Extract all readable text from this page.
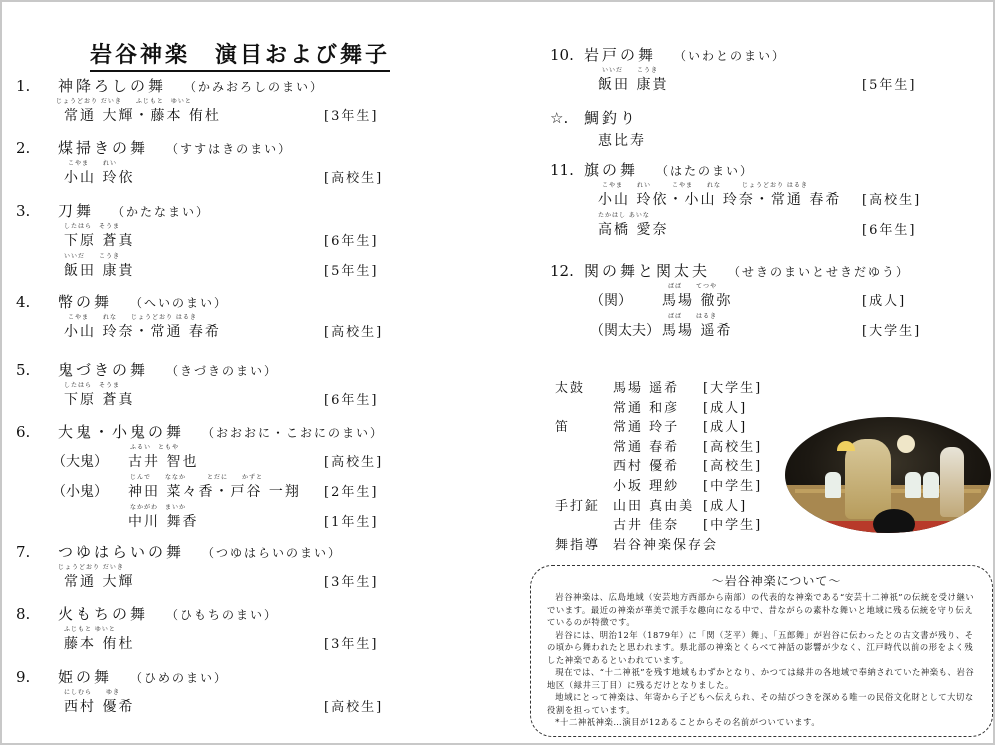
岩谷神楽　演目および舞子
1. 神降ろしの舞 （かみおろしのまい）
じょうどおり だいき　　ふじもと　ゆいと
常通 大輝・藤本 侑杜	[3年生]
2. 煤掃きの舞 （すすはきのまい）
こやま　　れい
小山 玲依	[高校生]
3. 刀舞 （かたなまい）
したはら　そうま
下原 蒼真	[6年生]
いいだ　　こうき
飯田 康貴	[5年生]
4. 幣の舞 （へいのまい）
こやま　　れな　　じょうどおり はるき
小山 玲奈・常通 春希	[高校生]
5. 鬼づきの舞 （きづきのまい）
したはら　そうま
下原 蒼真	[6年生]
6. 大鬼・小鬼の舞 （おおおに・こおにのまい）
（大鬼）
ふるい　ともや
古井 智也	[高校生]
（小鬼）
じんで　　ななか　　　とだに　　かずと
神田 菜々香・戸谷 一翔 [2年生]
なかがわ　まいか
中川 舞香	[1年生]
7. つゆはらいの舞 （つゆはらいのまい）
じょうどおり だいき
常通 大輝	[3年生]
8. 火もちの舞 （ひもちのまい）
ふじもと ゆいと
藤本 侑杜	[3年生]
9. 姫の舞 （ひめのまい）
にしむら　　ゆき
西村 優希	[高校生]
10. 岩戸の舞 （いわとのまい）
いいだ　　こうき
飯田 康貴	[5年生]
☆. 鯛釣り
恵比寿
11. 旗の舞 （はたのまい）
こやま　　れい　　　こやま　　れな　　　じょうどおり はるき
小山 玲依・小山 玲奈・常通 春希 [高校生]
たかはし あいな
高橋 愛奈	[6年生]
12. 関の舞と関太夫 （せきのまいとせきだゆう）
（関）
ばば　　てつや
馬場 徹弥	[成人]
（関太夫）
ばば　　はるき
馬場 遥希	[大学生]
太鼓 馬場 遥希 [大学生]
常通 和彦 [成人]
笛	常通 玲子 [成人]
常通 春希 [高校生]
西村 優希 [高校生]
小坂 理紗 [中学生]
手打鉦 山田 真由美 [成人]
古井 佳奈 [中学生]
舞指導 岩谷神楽保存会
～岩谷神楽について～

岩谷神楽は、広島地域（安芸地方西部から南部）の代表的な神楽である“安芸十二神祇”の伝統を受け継いでいます。最近の神楽が華美で派手な趣向になる中で、昔ながらの素朴な舞いと地域に残る伝統を守り伝えているのが特徴です。

岩谷には、明治12年（1879年）に「関（芝平）舞」、「五郎舞」が岩谷に伝わったとの古文書が残り、その頃から舞われたと思われます。県北部の神楽とくらべて神話の影響が少なく、江戸時代以前の形をよく残した神楽であるといわれています。

現在では、“十二神祇”を残す地域もわずかとなり、かつては緑井の各地域で奉納されていた神楽も、岩谷地区（緑井三丁目）に残るだけとなりました。

地域にとって神楽は、年寄から子どもへ伝えられ、その結びつきを深める唯一の民俗文化財として大切な役割を担っています。

*十二神祇神楽…演目が12あることからその名前がついています。
